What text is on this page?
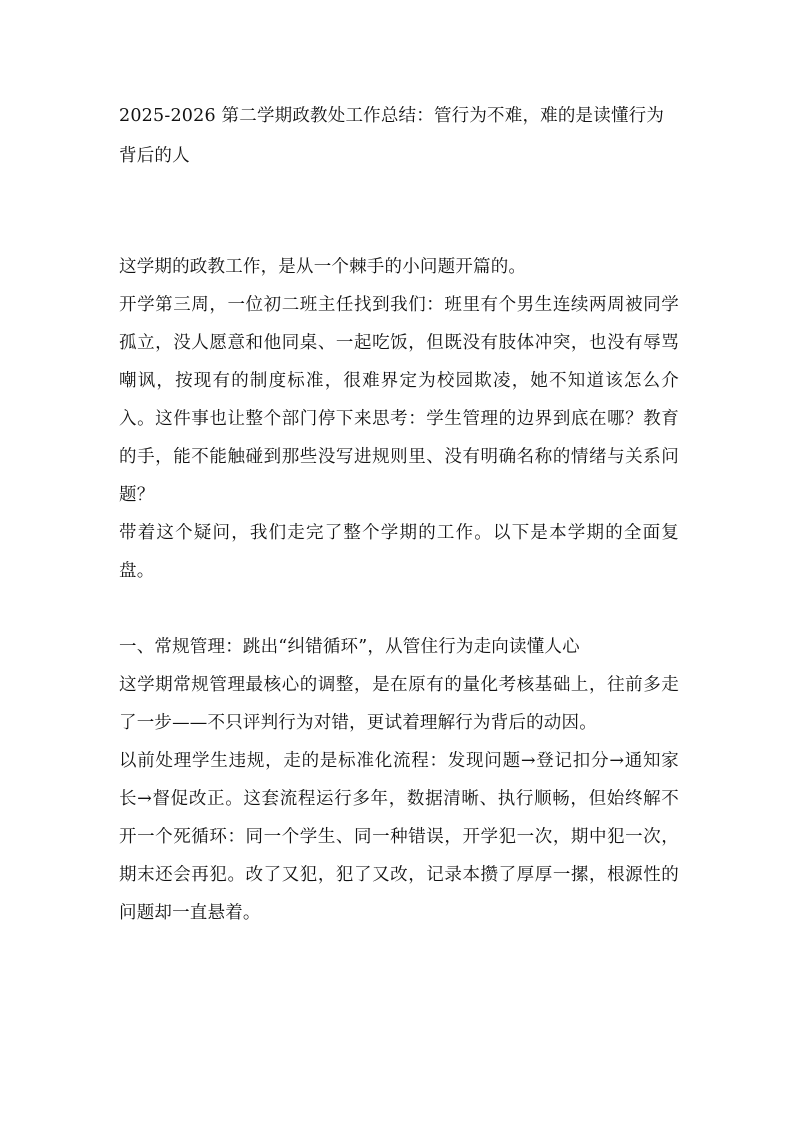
2025-2026 第二学期政教处工作总结：管行为不难，难的是读懂行为背后的人

这学期的政教工作，是从一个棘手的小问题开篇的。

开学第三周，一位初二班主任找到我们：班里有个男生连续两周被同学孤立，没人愿意和他同桌、一起吃饭，但既没有肢体冲突，也没有辱骂嘲讽，按现有的制度标准，很难界定为校园欺凌，她不知道该怎么介入。这件事也让整个部门停下来思考：学生管理的边界到底在哪？教育的手，能不能触碰到那些没写进规则里、没有明确名称的情绪与关系问题？

带着这个疑问，我们走完了整个学期的工作。以下是本学期的全面复盘。

一、常规管理：跳出“纠错循环”，从管住行为走向读懂人心

这学期常规管理最核心的调整，是在原有的量化考核基础上，往前多走了一步——不只评判行为对错，更试着理解行为背后的动因。

以前处理学生违规，走的是标准化流程：发现问题→登记扣分→通知家长→督促改正。这套流程运行多年，数据清晰、执行顺畅，但始终解不开一个死循环：同一个学生、同一种错误，开学犯一次，期中犯一次，期末还会再犯。改了又犯，犯了又改，记录本攒了厚厚一摞，根源性的问题却一直悬着。
